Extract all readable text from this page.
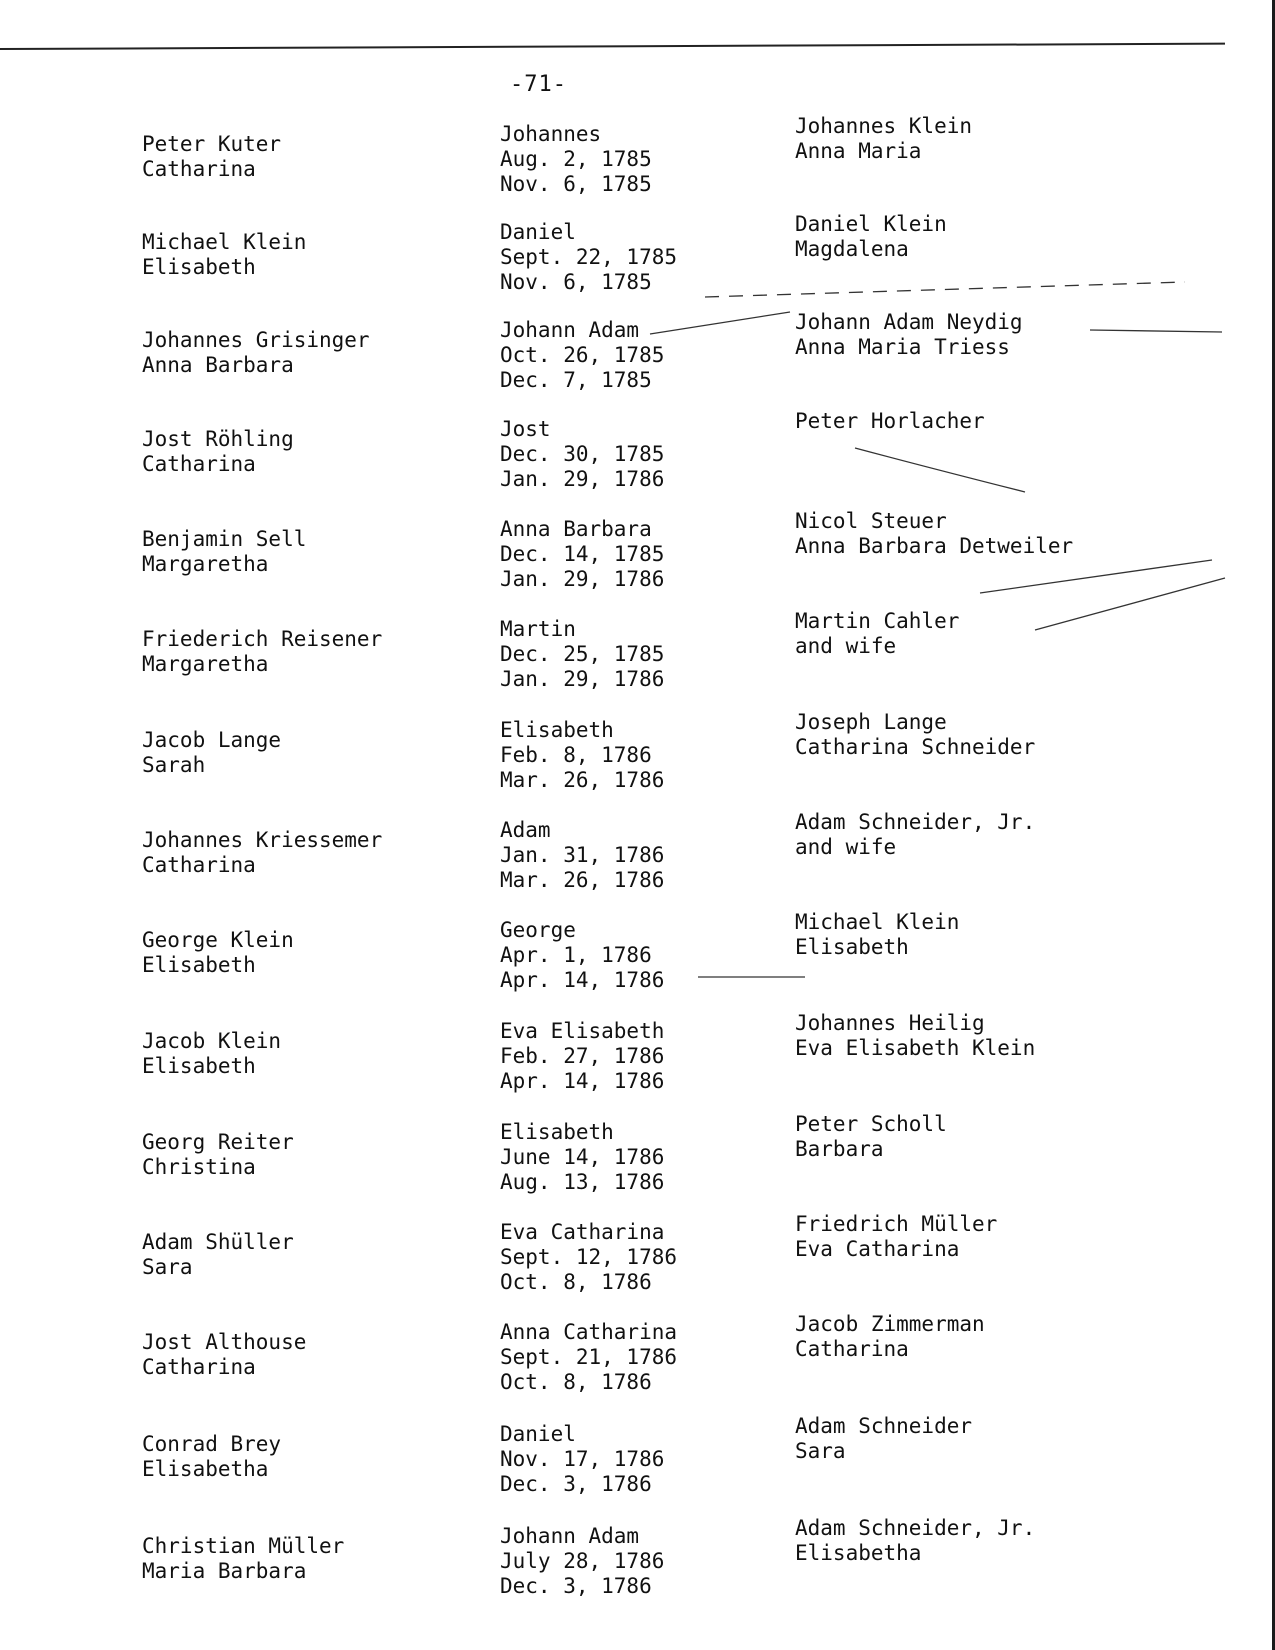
-71-
Peter Kuter
Catharina
Johannes
Aug. 2, 1785
Nov. 6, 1785
Johannes Klein
Anna Maria
Michael Klein
Elisabeth
Daniel
Sept. 22, 1785
Nov. 6, 1785
Daniel Klein
Magdalena
Johannes Grisinger
Anna Barbara
Johann Adam
Oct. 26, 1785
Dec. 7, 1785
Johann Adam Neydig
Anna Maria Triess
Jost Röhling
Catharina
Jost
Dec. 30, 1785
Jan. 29, 1786
Peter Horlacher
Benjamin Sell
Margaretha
Anna Barbara
Dec. 14, 1785
Jan. 29, 1786
Nicol Steuer
Anna Barbara Detweiler
Friederich Reisener
Margaretha
Martin
Dec. 25, 1785
Jan. 29, 1786
Martin Cahler
and wife
Jacob Lange
Sarah
Elisabeth
Feb. 8, 1786
Mar. 26, 1786
Joseph Lange
Catharina Schneider
Johannes Kriessemer
Catharina
Adam
Jan. 31, 1786
Mar. 26, 1786
Adam Schneider, Jr.
and wife
George Klein
Elisabeth
George
Apr. 1, 1786
Apr. 14, 1786
Michael Klein
Elisabeth
Jacob Klein
Elisabeth
Eva Elisabeth
Feb. 27, 1786
Apr. 14, 1786
Johannes Heilig
Eva Elisabeth Klein
Georg Reiter
Christina
Elisabeth
June 14, 1786
Aug. 13, 1786
Peter Scholl
Barbara
Adam Shüller
Sara
Eva Catharina
Sept. 12, 1786
Oct. 8, 1786
Friedrich Müller
Eva Catharina
Jost Althouse
Catharina
Anna Catharina
Sept. 21, 1786
Oct. 8, 1786
Jacob Zimmerman
Catharina
Conrad Brey
Elisabetha
Daniel
Nov. 17, 1786
Dec. 3, 1786
Adam Schneider
Sara
Christian Müller
Maria Barbara
Johann Adam
July 28, 1786
Dec. 3, 1786
Adam Schneider, Jr.
Elisabetha
